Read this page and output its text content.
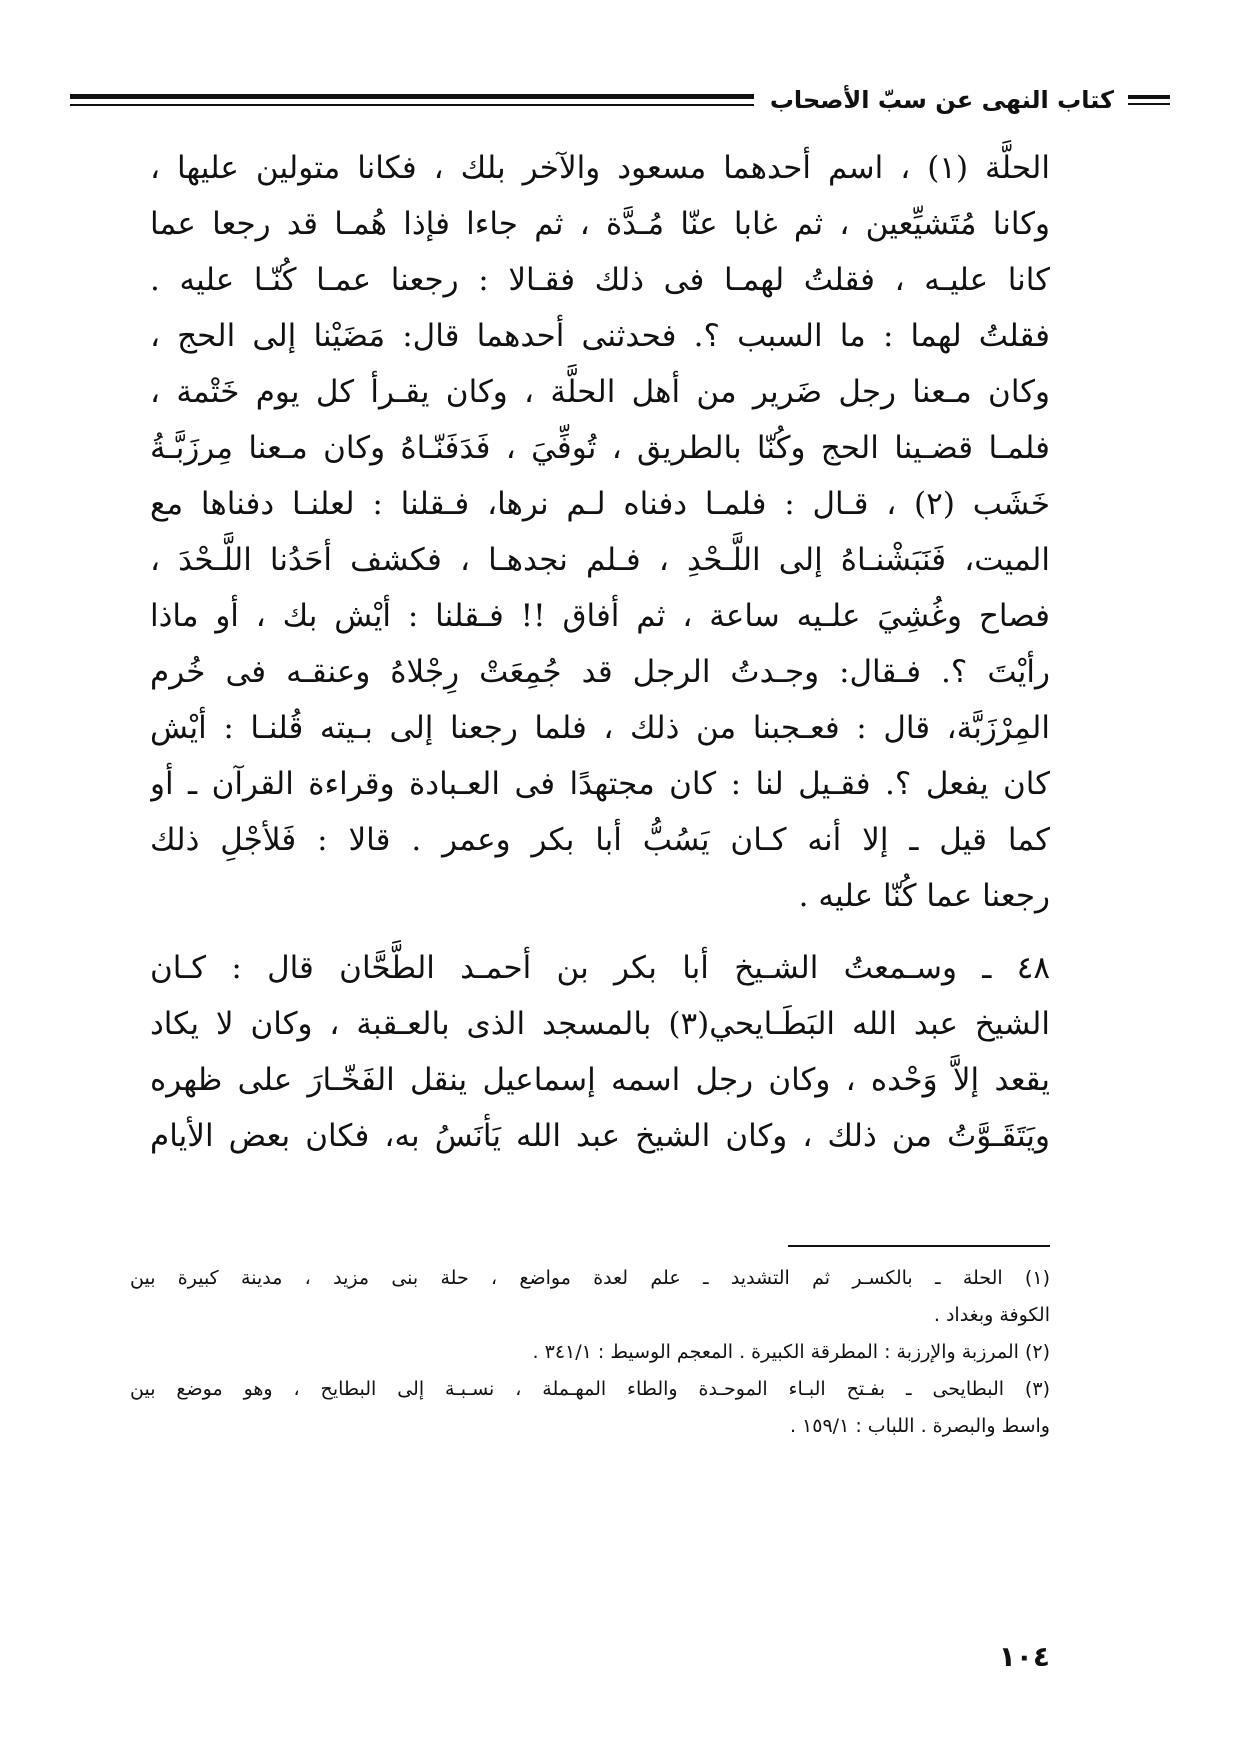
كتاب النهى عن سبّ الأصحاب
الحلَّة (١) ، اسم أحدهما مسعود والآخر بلك ، فكانا متولين عليها ،
وكانا مُتَشيِّعين ، ثم غابا عنّا مُـدَّة ، ثم جاءا فإذا هُمـا قد رجعا عما
كانا عليـه ، فقلتُ لهمـا فى ذلك فقـالا : رجعنا عمـا كُنّـا عليه .
فقلتُ لهما : ما السبب ؟. فحدثنى أحدهما قال: مَضَيْنا إلى الحج ،
وكان مـعنا رجل ضَرير من أهل الحلَّة ، وكان يقـرأ كل يوم خَتْمة ،
فلمـا قضـينا الحج وكُنّا بالطريق ، تُوفِّيَ ، فَدَفَنّـاهُ وكان مـعنا مِرزَبَّـةُ
خَشَب (٢) ، قـال : فلمـا دفناه لـم نرها، فـقلنا : لعلنـا دفناها مع
الميت، فَنَبَشْنـاهُ إلى اللَّـحْدِ ، فـلم نجدهـا ، فكشف أحَدُنا اللَّـحْدَ ،
فصاح وغُشِيَ علـيه ساعة ، ثم أفاق !! فـقلنا : أيْش بك ، أو ماذا
رأيْتَ ؟. فـقال: وجـدتُ الرجل قد جُمِعَتْ رِجْلاهُ وعنقـه فى خُرم
المِرْزَبَّة، قال : فعـجبنا من ذلك ، فلما رجعنا إلى بـيته قُلنـا : أيْش
كان يفعل ؟. فقـيل لنا : كان مجتهدًا فى العـبادة وقراءة القرآن ـ أو
كما قيل ـ إلا أنه كـان يَسُبُّ أبا بكر وعمر . قالا : فَلأجْلِ ذلك
رجعنا عما كُنّا عليه .
٤٨ ـ وسـمعتُ الشـيخ أبا بكر بن أحمـد الطَّحَّان قال : كـان
الشيخ عبد الله البَطَـايحي(٣) بالمسجد الذى بالعـقبة ، وكان لا يكاد
يقعد إلاَّ وَحْده ، وكان رجل اسمه إسماعيل ينقل الفَخّـارَ على ظهره
ويَتَقَـوَّتُ من ذلك ، وكان الشيخ عبد الله يَأنَسُ به، فكان بعض الأيام
(١) الحلة ـ بالكسـر ثم التشديد ـ علم لعدة مواضع ، حلة بنى مزيد ، مدينة كبيرة بين
الكوفة وبغداد .
(٢) المرزبة والإرزبة : المطرقة الكبيرة . المعجم الوسيط : ٣٤١/١ .
(٣) البطايحى ـ بفـتح البـاء الموحـدة والطاء المهـملة ، نسـبـة إلى البطايح ، وهو موضع بين
واسط والبصرة . اللباب : ١٥٩/١ .
١٠٤
